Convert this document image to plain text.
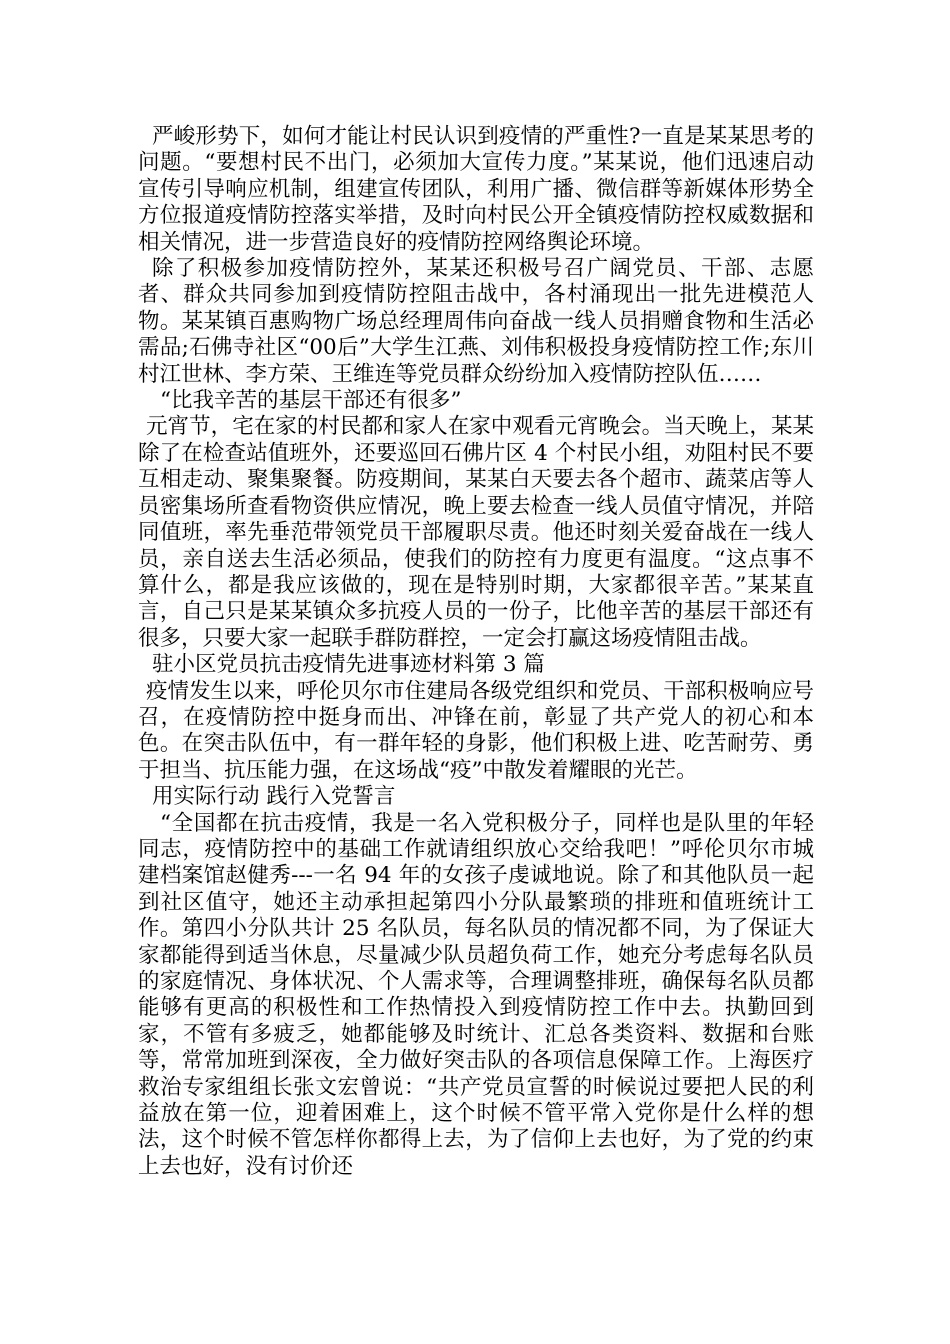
严峻形势下，如何才能让村民认识到疫情的严重性?一直是某某思考的问题。“要想村民不出门，必须加大宣传力度。”某某说，他们迅速启动宣传引导响应机制，组建宣传团队，利用广播、微信群等新媒体形势全方位报道疫情防控落实举措，及时向村民公开全镇疫情防控权威数据和相关情况，进一步营造良好的疫情防控网络舆论环境。

除了积极参加疫情防控外，某某还积极号召广阔党员、干部、志愿者、群众共同参加到疫情防控阻击战中，各村涌现出一批先进模范人物。某某镇百惠购物广场总经理周伟向奋战一线人员捐赠食物和生活必需品;石佛寺社区“00后”大学生江燕、刘伟积极投身疫情防控工作;东川村江世林、李方荣、王维连等党员群众纷纷加入疫情防控队伍……

“比我辛苦的基层干部还有很多”

元宵节，宅在家的村民都和家人在家中观看元宵晚会。当天晚上，某某除了在检查站值班外，还要巡回石佛片区 4 个村民小组，劝阻村民不要互相走动、聚集聚餐。防疫期间，某某白天要去各个超市、蔬菜店等人员密集场所查看物资供应情况，晚上要去检查一线人员值守情况，并陪同值班，率先垂范带领党员干部履职尽责。他还时刻关爱奋战在一线人员，亲自送去生活必须品，使我们的防控有力度更有温度。“这点事不算什么，都是我应该做的，现在是特别时期，大家都很辛苦。”某某直言，自己只是某某镇众多抗疫人员的一份子，比他辛苦的基层干部还有很多，只要大家一起联手群防群控，一定会打赢这场疫情阻击战。

驻小区党员抗击疫情先进事迹材料第 3 篇

疫情发生以来，呼伦贝尔市住建局各级党组织和党员、干部积极响应号召，在疫情防控中挺身而出、冲锋在前，彰显了共产党人的初心和本色。在突击队伍中，有一群年轻的身影，他们积极上进、吃苦耐劳、勇于担当、抗压能力强，在这场战“疫”中散发着耀眼的光芒。

用实际行动 践行入党誓言

“全国都在抗击疫情，我是一名入党积极分子，同样也是队里的年轻同志，疫情防控中的基础工作就请组织放心交给我吧！”呼伦贝尔市城建档案馆赵健秀---一名 94 年的女孩子虔诚地说。除了和其他队员一起到社区值守，她还主动承担起第四小分队最繁琐的排班和值班统计工作。第四小分队共计 25 名队员，每名队员的情况都不同，为了保证大家都能得到适当休息，尽量减少队员超负荷工作，她充分考虑每名队员的家庭情况、身体状况、个人需求等，合理调整排班，确保每名队员都能够有更高的积极性和工作热情投入到疫情防控工作中去。执勤回到家，不管有多疲乏，她都能够及时统计、汇总各类资料、数据和台账等，常常加班到深夜，全力做好突击队的各项信息保障工作。上海医疗救治专家组组长张文宏曾说：“共产党员宣誓的时候说过要把人民的利益放在第一位，迎着困难上，这个时候不管平常入党你是什么样的想法，这个时候不管怎样你都得上去，为了信仰上去也好，为了党的约束上去也好，没有讨价还
